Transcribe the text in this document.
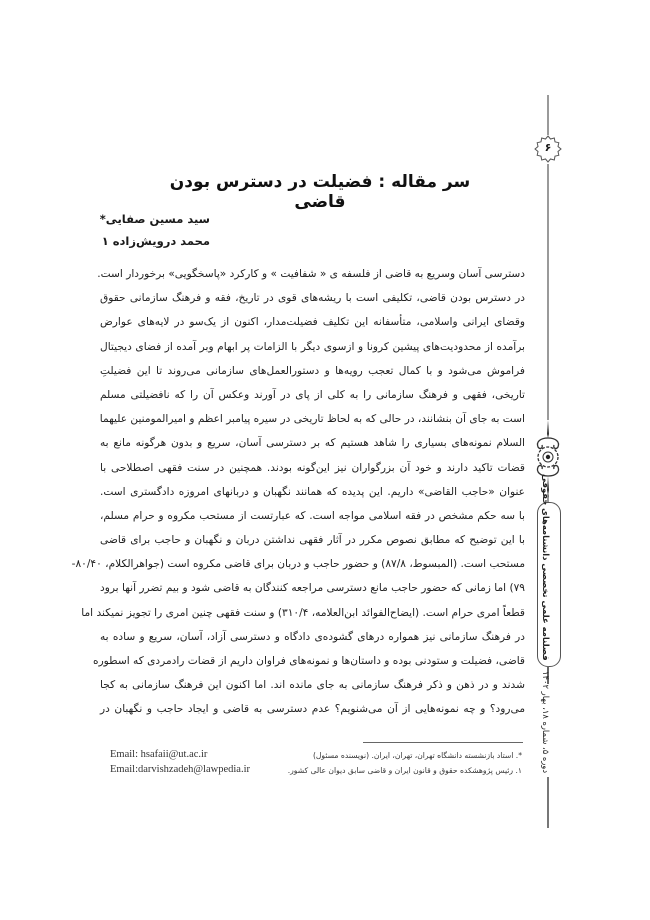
۶
فصلنامه علمی تخصصی دانشنامه‌های حقوقی
دوره ۵، شماره ۱۸، بهار ۱۴۰۲
سر مقاله : فضیلت در دسترس بودن قاضی
سید مسین صفایی*
محمد درویش‌زاده ۱
دسترسی آسان وسریع به قاضی از فلسفه ی « شفافیت » و کارکرد «پاسخگویی» برخوردار است.
در دسترس بودن قاضی، تکلیفی است با ریشه‌های قوی در تاریخ، فقه و فرهنگ سازمانی حقوق
وقضای ایرانی واسلامی، متأسفانه این تکلیف فضیلت‌مدار، اکنون از یک‌سو در لایه‌های عوارض
برآمده از محدودیت‌های پیشین کرونا و ازسوی دیگر با الزامات پر ابهام وبر آمده از فضای دیجیتال
فراموش می‌شود و با کمال تعجب رویه‌ها و دستورالعمل‌های سازمانی می‌روند تا این فضیلتِ
تاریخی، فقهی و فرهنگ سازمانی را به کلی از پای در آورند وعکس آن را که نافضیلتی مسلم
است به جای آن بنشانند، در حالی که به لحاظ تاریخی در سیره پیامبر اعظم و امیرالمومنین علیهما
السلام نمونه‌های بسیاری را شاهد هستیم که بر دسترسی آسان، سریع و بدون هرگونه مانع به
قضات تاکید دارند و خود آن بزرگواران نیز این‌گونه بودند. همچنین در سنت فقهی اصطلاحی با
عنوان «حاجب القاضی» داریم. این پدیده که همانند نگهبان و دربانهای امروزه دادگستری است.
با سه حکم مشخص در فقه اسلامی مواجه است. که عبارتست از مستحب مکروه و حرام مسلم،
با این توضیح که مطابق نصوص مکرر در آثار فقهی نداشتن دربان و نگهبان و حاجب برای قاضی
مستحب است. (المبسوط، ۸۷/۸) و حضور حاجب و دربان برای قاضی مکروه است (جواهرالکلام، ۸۰/۴۰-
۷۹) اما زمانی که حضور حاجب مانع دسترسی مراجعه کنندگان به قاضی شود و بیم تضرر آنها برود
قطعاً امری حرام است. (ایضاح‌الفوائد ابن‌العلامه، ۳۱۰/۴) و سنت فقهی چنین امری را تجویز نمیکند اما
در فرهنگ سازمانی نیز همواره درهای گشوده‌ی دادگاه و دسترسی آزاد، آسان، سریع و ساده به
قاضی، فضیلت و ستودنی بوده و داستان‌ها و نمونه‌های فراوان داریم از قضات رادمردی که اسطوره
شدند و در ذهن و ذکر فرهنگ سازمانی به جای مانده اند. اما اکنون این فرهنگ سازمانی به کجا
می‌رود؟ و چه نمونه‌هایی از آن می‌شنویم؟ عدم دسترسی به قاضی و ایجاد حاجب و نگهبان در
*. استاد بازنشسته دانشگاه تهران، تهران، ایران. (نویسنده مسئول)
۱. رئیس پژوهشکده حقوق و قانون ایران و قاضی سابق دیوان عالی کشور.
Email: hsafaii@ut.ac.ir
Email:darvishzadeh@lawpedia.ir
